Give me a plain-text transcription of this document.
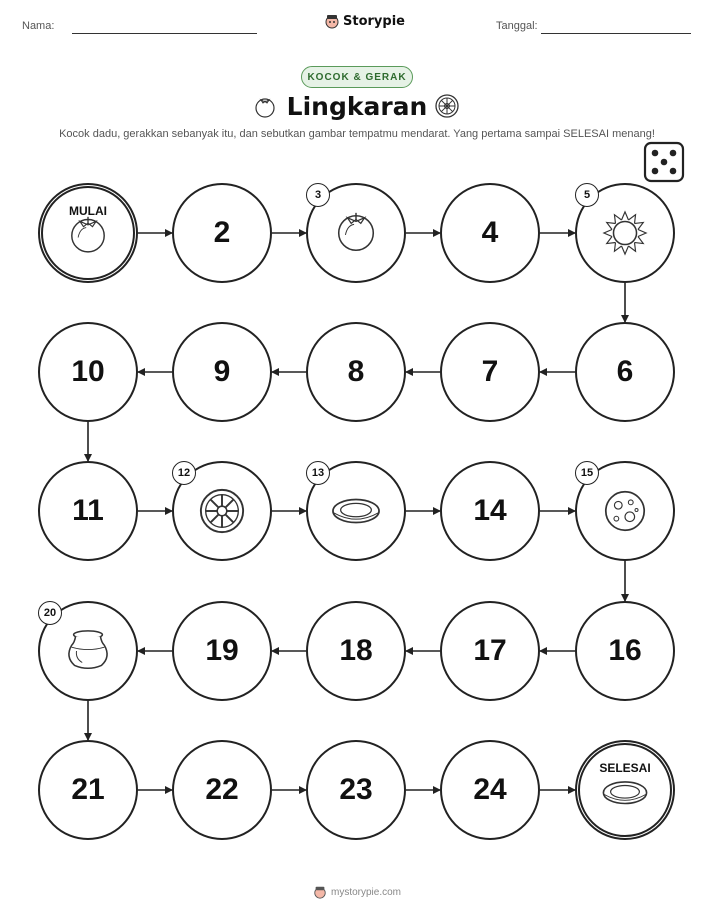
Nama:	Storypie	Tanggal:
KOCOK & GERAK
Lingkaran
Kocok dadu, gerakkan sebanyak itu, dan sebutkan gambar tempatmu mendarat. Yang pertama sampai SELESAI menang!
MULAI
2
3
4
5
6
7
8
9
10
11
12	13
14
15
16
17
18
19
20
21	22	23	24
SELESAI
mystorypie.com
